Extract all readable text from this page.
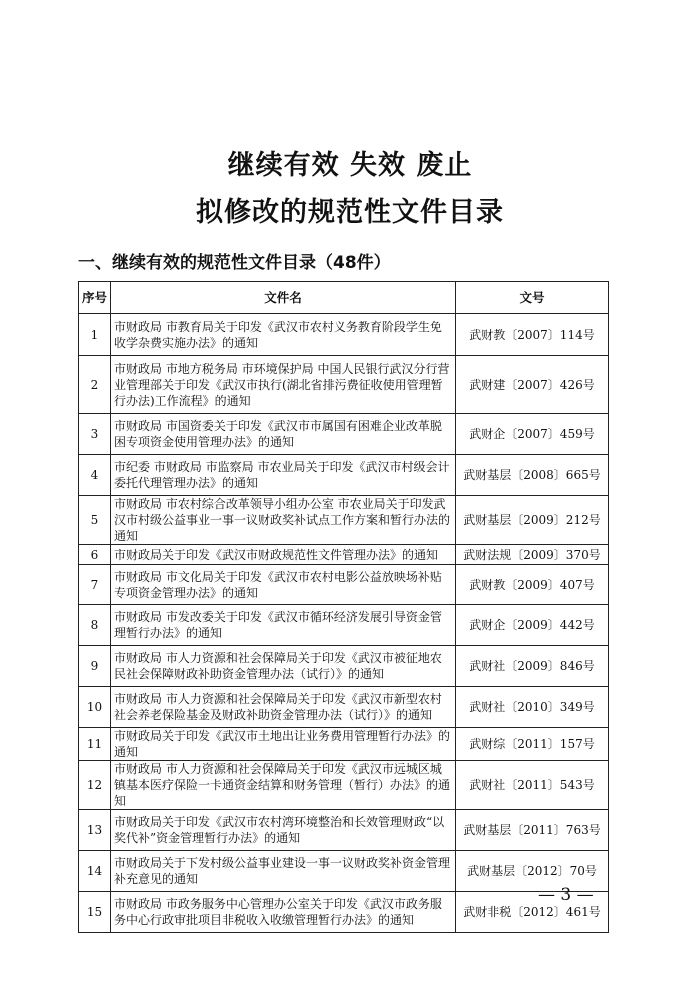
继续有效 失效 废止
拟修改的规范性文件目录
一、继续有效的规范性文件目录（48件）
序号	文件名	文号
1	市财政局 市教育局关于印发《武汉市农村义务教育阶段学生免收学杂费实施办法》的通知	武财教〔2007〕114号
2	市财政局 市地方税务局 市环境保护局 中国人民银行武汉分行营业管理部关于印发《武汉市执行(湖北省排污费征收使用管理暂行办法)工作流程》的通知	武财建〔2007〕426号
3	市财政局 市国资委关于印发《武汉市市属国有困难企业改革脱困专项资金使用管理办法》的通知	武财企〔2007〕459号
4	市纪委 市财政局 市监察局 市农业局关于印发《武汉市村级会计委托代理管理办法》的通知	武财基层〔2008〕665号
5	市财政局 市农村综合改革领导小组办公室 市农业局关于印发武汉市村级公益事业一事一议财政奖补试点工作方案和暂行办法的通知	武财基层〔2009〕212号
6	市财政局关于印发《武汉市财政规范性文件管理办法》的通知	武财法规〔2009〕370号
7	市财政局 市文化局关于印发《武汉市农村电影公益放映场补贴专项资金管理办法》的通知	武财教〔2009〕407号
8	市财政局 市发改委关于印发《武汉市循环经济发展引导资金管理暂行办法》的通知	武财企〔2009〕442号
9	市财政局 市人力资源和社会保障局关于印发《武汉市被征地农民社会保障财政补助资金管理办法（试行）》的通知	武财社〔2009〕846号
10	市财政局 市人力资源和社会保障局关于印发《武汉市新型农村社会养老保险基金及财政补助资金管理办法（试行）》的通知	武财社〔2010〕349号
11	市财政局关于印发《武汉市土地出让业务费用管理暂行办法》的通知	武财综〔2011〕157号
12	市财政局 市人力资源和社会保障局关于印发《武汉市远城区城镇基本医疗保险一卡通资金结算和财务管理（暂行）办法》的通知	武财社〔2011〕543号
13	市财政局关于印发《武汉市农村湾环境整治和长效管理财政“以奖代补”资金管理暂行办法》的通知	武财基层〔2011〕763号
14	市财政局关于下发村级公益事业建设一事一议财政奖补资金管理补充意见的通知	武财基层〔2012〕70号
15	市财政局 市政务服务中心管理办公室关于印发《武汉市政务服务中心行政审批项目非税收入收缴管理暂行办法》的通知	武财非税〔2012〕461号
— 3 —
